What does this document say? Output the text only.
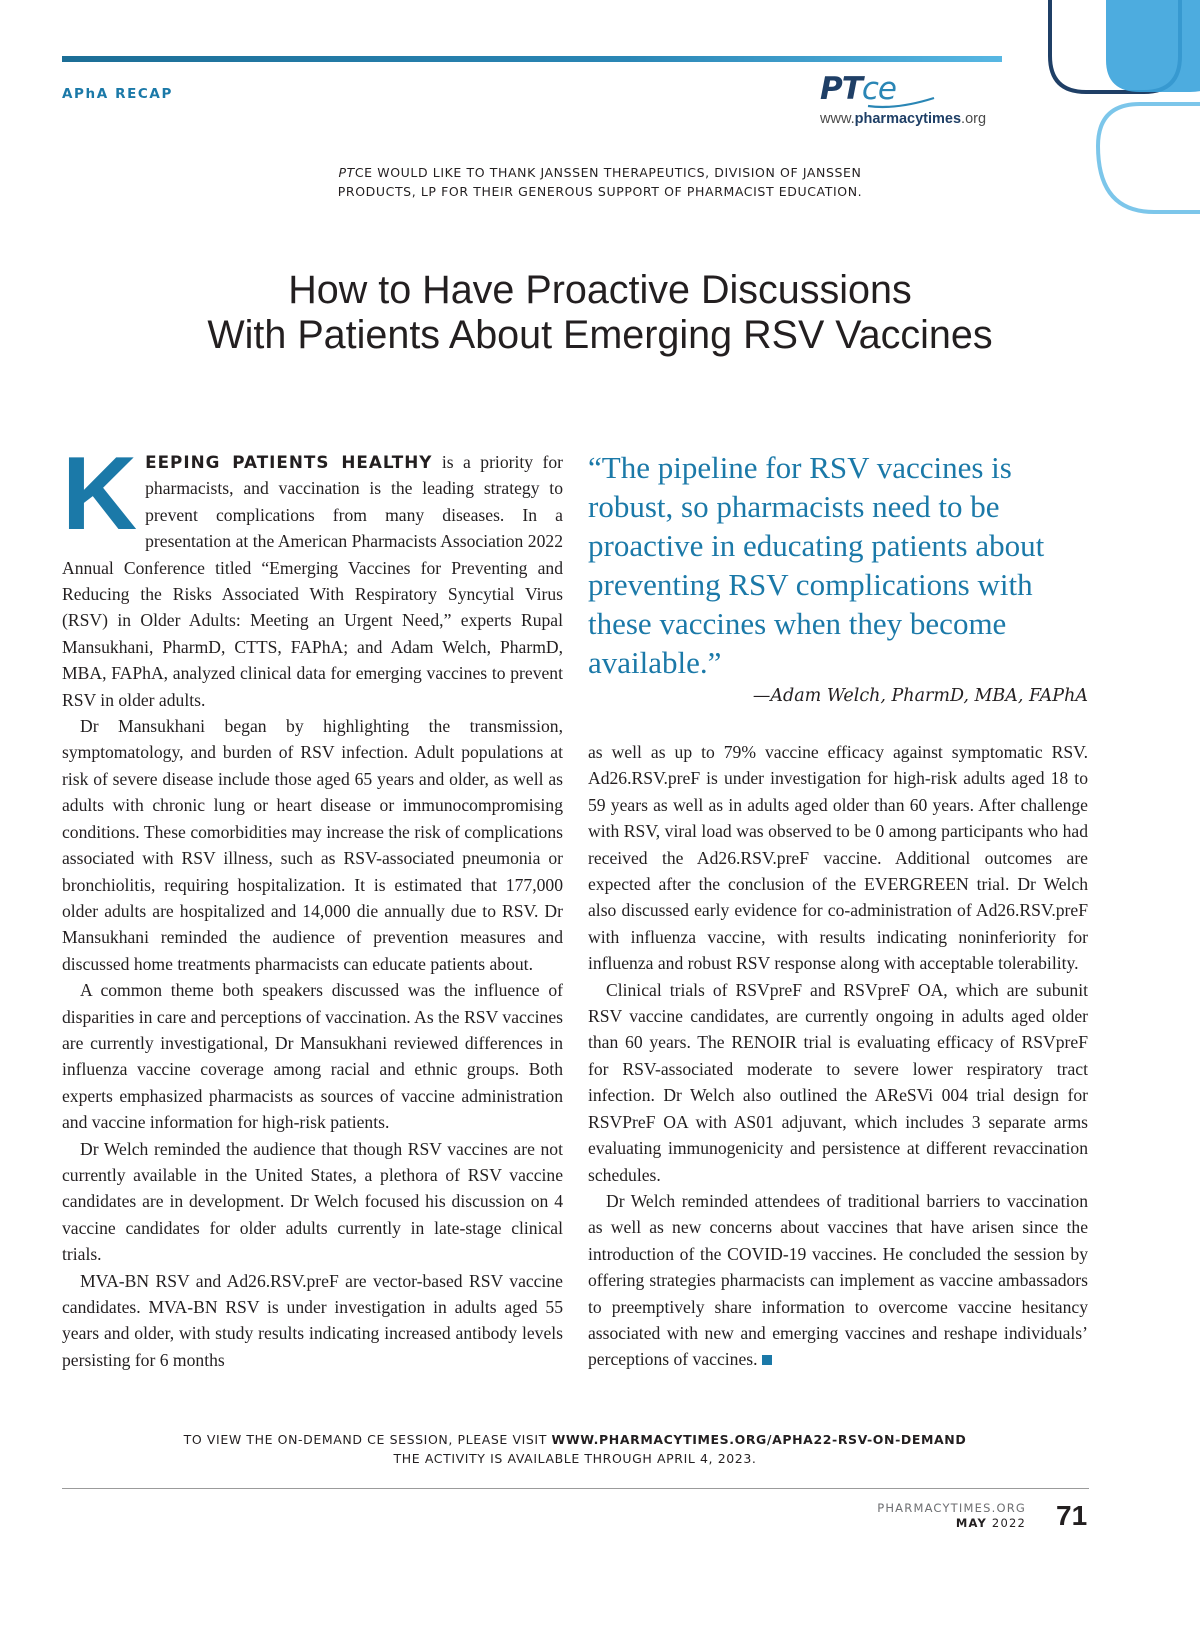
APhA RECAP	PTce
www.pharmacytimes.org
PTCE WOULD LIKE TO THANK JANSSEN THERAPEUTICS, DIVISION OF JANSSEN
PRODUCTS, LP FOR THEIR GENEROUS SUPPORT OF PHARMACIST EDUCATION.
How to Have Proactive Discussions
With Patients About Emerging RSV Vaccines

KEEPING PATIENTS HEALTHY is a priority for pharmacists, and vaccination is the leading strategy to prevent complications from many diseases. In a presentation at the American Pharmacists Association 2022 Annual Conference titled “Emerging Vaccines for Preventing and Reducing the Risks Associated With Respiratory Syncytial Virus (RSV) in Older Adults: Meeting an Urgent Need,” experts Rupal Mansukhani, PharmD, CTTS, FAPhA; and Adam Welch, PharmD, MBA, FAPhA, analyzed clinical data for emerging vaccines to prevent RSV in older adults.

Dr Mansukhani began by highlighting the transmission, symptomatology, and burden of RSV infection. Adult populations at risk of severe disease include those aged 65 years and older, as well as adults with chronic lung or heart disease or immunocompromising conditions. These comorbidities may increase the risk of complications associated with RSV illness, such as RSV-associated pneumonia or bronchiolitis, requiring hospitalization. It is estimated that 177,000 older adults are hospitalized and 14,000 die annually due to RSV. Dr Mansukhani reminded the audience of prevention measures and discussed home treatments pharmacists can educate patients about.

A common theme both speakers discussed was the influence of disparities in care and perceptions of vaccination. As the RSV vaccines are currently investigational, Dr Mansukhani reviewed differences in influenza vaccine coverage among racial and ethnic groups. Both experts emphasized pharmacists as sources of vaccine administration and vaccine information for high-risk patients.

Dr Welch reminded the audience that though RSV vaccines are not currently available in the United States, a plethora of RSV vaccine candidates are in development. Dr Welch focused his discussion on 4 vaccine candidates for older adults currently in late-stage clinical trials.

MVA-BN RSV and Ad26.RSV.preF are vector-based RSV vaccine candidates. MVA-BN RSV is under investigation in adults aged 55 years and older, with study results indicating increased antibody levels persisting for 6 months

“The pipeline for RSV vaccines is robust, so pharmacists need to be proactive in educating patients about preventing RSV complications with these vaccines when they become available.”
—Adam Welch, PharmD, MBA, FAPhA

as well as up to 79% vaccine efficacy against symptomatic RSV. Ad26.RSV.preF is under investigation for high-risk adults aged 18 to 59 years as well as in adults aged older than 60 years. After challenge with RSV, viral load was observed to be 0 among participants who had received the Ad26.RSV.preF vaccine. Additional outcomes are expected after the conclusion of the EVERGREEN trial. Dr Welch also discussed early evidence for co-administration of Ad26.RSV.preF with influenza vaccine, with results indicating noninferiority for influenza and robust RSV response along with acceptable tolerability.

Clinical trials of RSVpreF and RSVpreF OA, which are subunit RSV vaccine candidates, are currently ongoing in adults aged older than 60 years. The RENOIR trial is evaluating efficacy of RSVpreF for RSV-associated moderate to severe lower respiratory tract infection. Dr Welch also outlined the AReSVi 004 trial design for RSVPreF OA with AS01 adjuvant, which includes 3 separate arms evaluating immunogenicity and persistence at different revaccination schedules.

Dr Welch reminded attendees of traditional barriers to vaccination as well as new concerns about vaccines that have arisen since the introduction of the COVID-19 vaccines. He concluded the session by offering strategies pharmacists can implement as vaccine ambassadors to preemptively share information to overcome vaccine hesitancy associated with new and emerging vaccines and reshape individuals’ perceptions of vaccines.

TO VIEW THE ON-DEMAND CE SESSION, PLEASE VISIT WWW.PHARMACYTIMES.ORG/APHA22-RSV-ON-DEMAND
THE ACTIVITY IS AVAILABLE THROUGH APRIL 4, 2023.
PHARMACYTIMES.ORG
MAY 2022 71
